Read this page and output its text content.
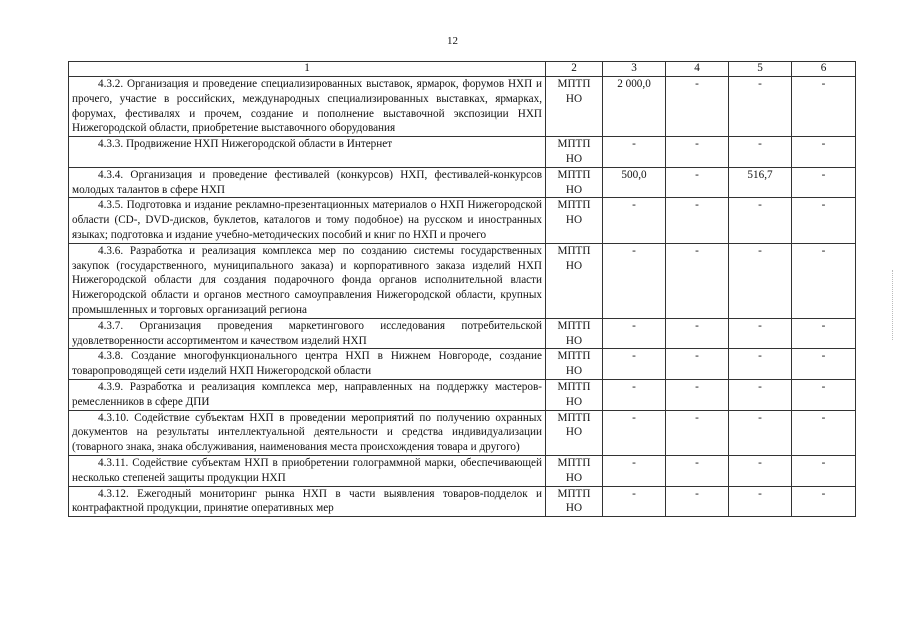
12
1	2	3	4	5	6
4.3.2. Организация и проведение специализированных выставок, ярмарок, форумов НХП и прочего, участие в российских, международных специализированных выставках, ярмарках, форумах, фестивалях и прочем, создание и пополнение выставочной экспозиции НХП Нижегородской области, приобретение выставочного оборудования	МПТП НО	2 000,0	-	-	-
4.3.3. Продвижение НХП Нижегородской области в Интернет	МПТП НО	-	-	-	-
4.3.4. Организация и проведение фестивалей (конкурсов) НХП, фестивалей-конкурсов молодых талантов в сфере НХП	МПТП НО	500,0	-	516,7	-
4.3.5. Подготовка и издание рекламно-презентационных материалов о НХП Нижегородской области (CD-, DVD-дисков, буклетов, каталогов и тому подобное) на русском и иностранных языках; подготовка и издание учебно-методических пособий и книг по НХП и прочего	МПТП НО	-	-	-	-
4.3.6. Разработка и реализация комплекса мер по созданию системы государственных закупок (государственного, муниципального заказа) и корпоративного заказа изделий НХП Нижегородской области для создания подарочного фонда органов исполнительной власти Нижегородской области и органов местного самоуправления Нижегородской области, крупных промышленных и торговых организаций региона	МПТП НО	-	-	-	-
4.3.7. Организация проведения маркетингового исследования потребительской удовлетворенности ассортиментом и качеством изделий НХП	МПТП НО	-	-	-	-
4.3.8. Создание многофункционального центра НХП в Нижнем Новгороде, создание товаропроводящей сети изделий НХП Нижегородской области	МПТП НО	-	-	-	-
4.3.9. Разработка и реализация комплекса мер, направленных на поддержку мастеров-ремесленников в сфере ДПИ	МПТП НО	-	-	-	-
4.3.10. Содействие субъектам НХП в проведении мероприятий по получению охранных документов на результаты интеллектуальной деятельности и средства индивидуализации (товарного знака, знака обслуживания, наименования места происхождения товара и другого)	МПТП НО	-	-	-	-
4.3.11. Содействие субъектам НХП в приобретении голограммной марки, обеспечивающей несколько степеней защиты продукции НХП	МПТП НО	-	-	-	-
4.3.12. Ежегодный мониторинг рынка НХП в части выявления товаров-подделок и контрафактной продукции, принятие оперативных мер	МПТП НО	-	-	-	-
